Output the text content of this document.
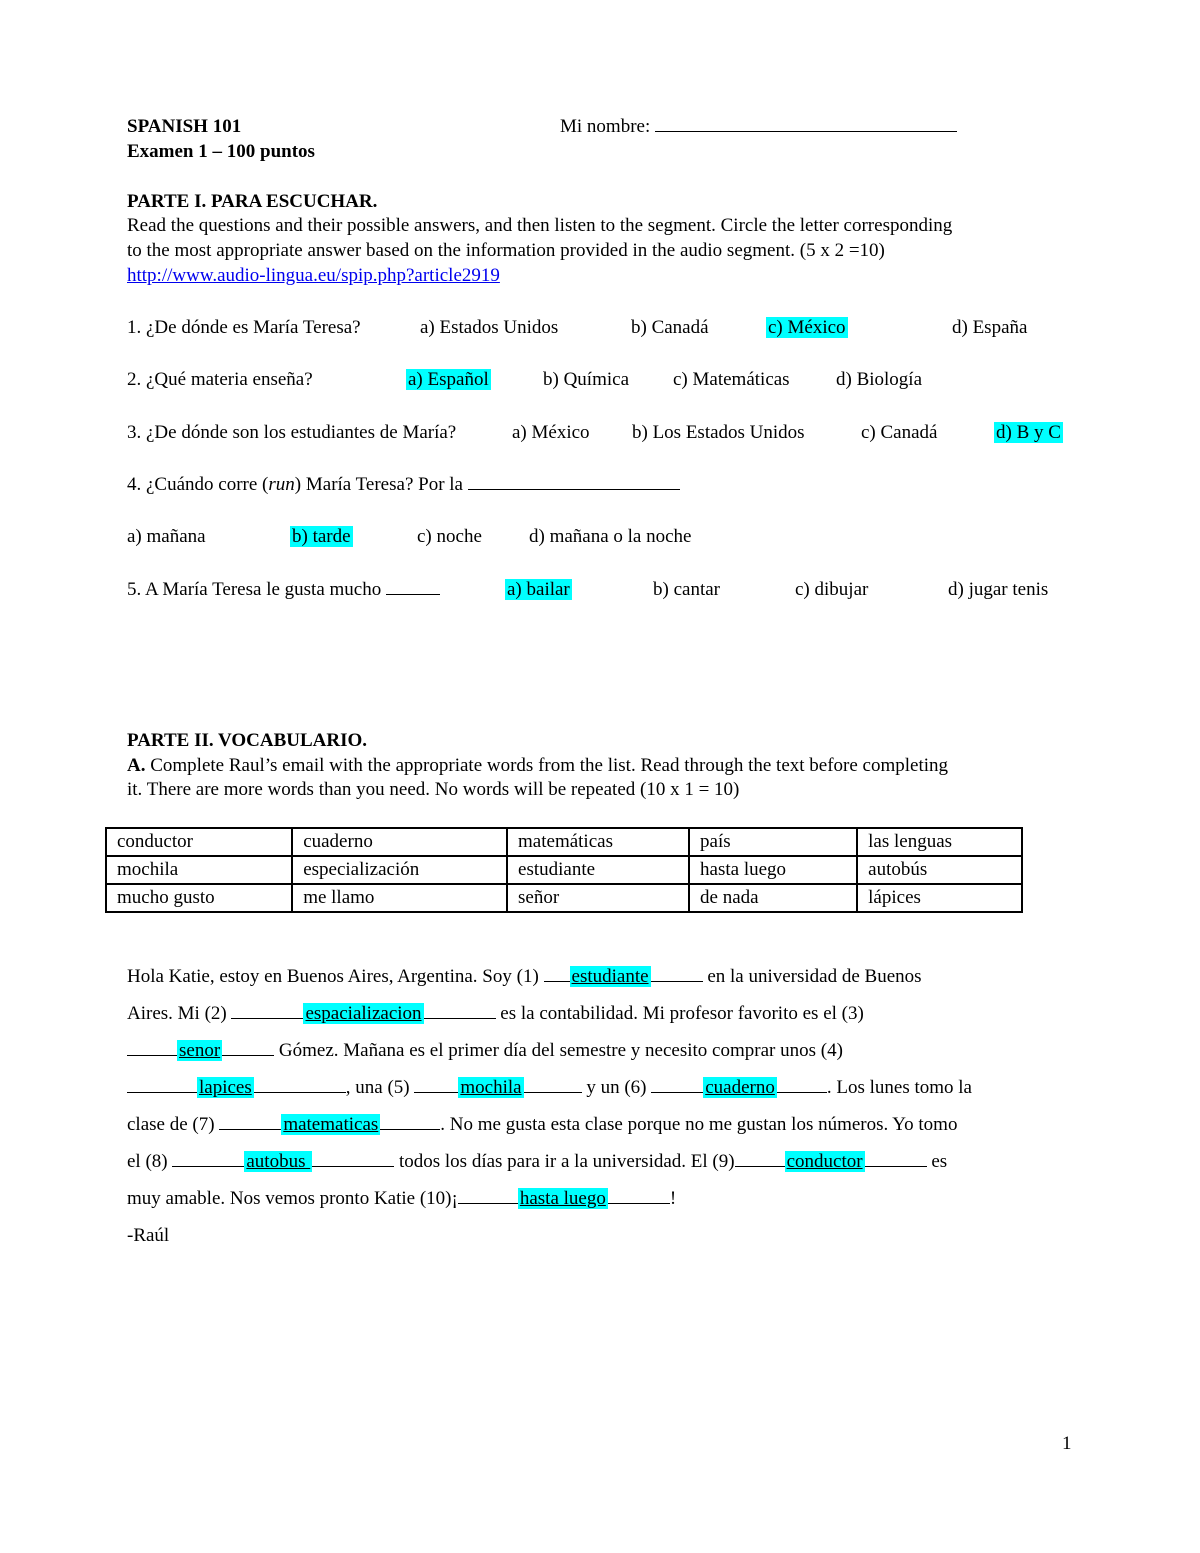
SPANISH 101
Examen 1 – 100 puntos
Mi nombre:
PARTE I. PARA ESCUCHAR.
Read the questions and their possible answers, and then listen to the segment. Circle the letter corresponding
to the most appropriate answer based on the information provided in the audio segment. (5 x 2 =10)
http://www.audio-lingua.eu/spip.php?article2919
1. ¿De dónde es María Teresa?	a) Estados Unidos	b) Canadá	c) México	d) España
2. ¿Qué materia enseña?	a) Español	b) Química c) Matemáticas d) Biología
3. ¿De dónde son los estudiantes de María?	a) México b) Los Estados Unidos	c) Canadá	d) B y C
4. ¿Cuándo corre (run) María Teresa? Por la
a) mañana	b) tarde	c) noche d) mañana o la noche
5. A María Teresa le gusta mucho	a) bailar	b) cantar	c) dibujar	d) jugar tenis
PARTE II. VOCABULARIO.
A. Complete Raul’s email with the appropriate words from the list. Read through the text before completing
it. There are more words than you need. No words will be repeated (10 x 1 = 10)
conductor	cuaderno	matemáticas	país	las lenguas
mochila	especialización	estudiante	hasta luego	autobús
mucho gusto	me llamo	señor	de nada	lápices
Hola Katie, estoy en Buenos Aires, Argentina. Soy (1) estudiante	en la universidad de Buenos
Aires. Mi (2)	espacializacion	es la contabilidad. Mi profesor favorito es el (3)
senor	Gómez. Mañana es el primer día del semestre y necesito comprar unos (4)
lapices	, una (5) mochila	y un (6)	cuaderno	. Los lunes tomo la
clase de (7)	matematicas	. No me gusta esta clase porque no me gustan los números. Yo tomo
el (8)	autobus	todos los días para ir a la universidad. El (9)	conductor	es
muy amable. Nos vemos pronto Katie (10)¡	hasta luego	!
-Raúl
1
